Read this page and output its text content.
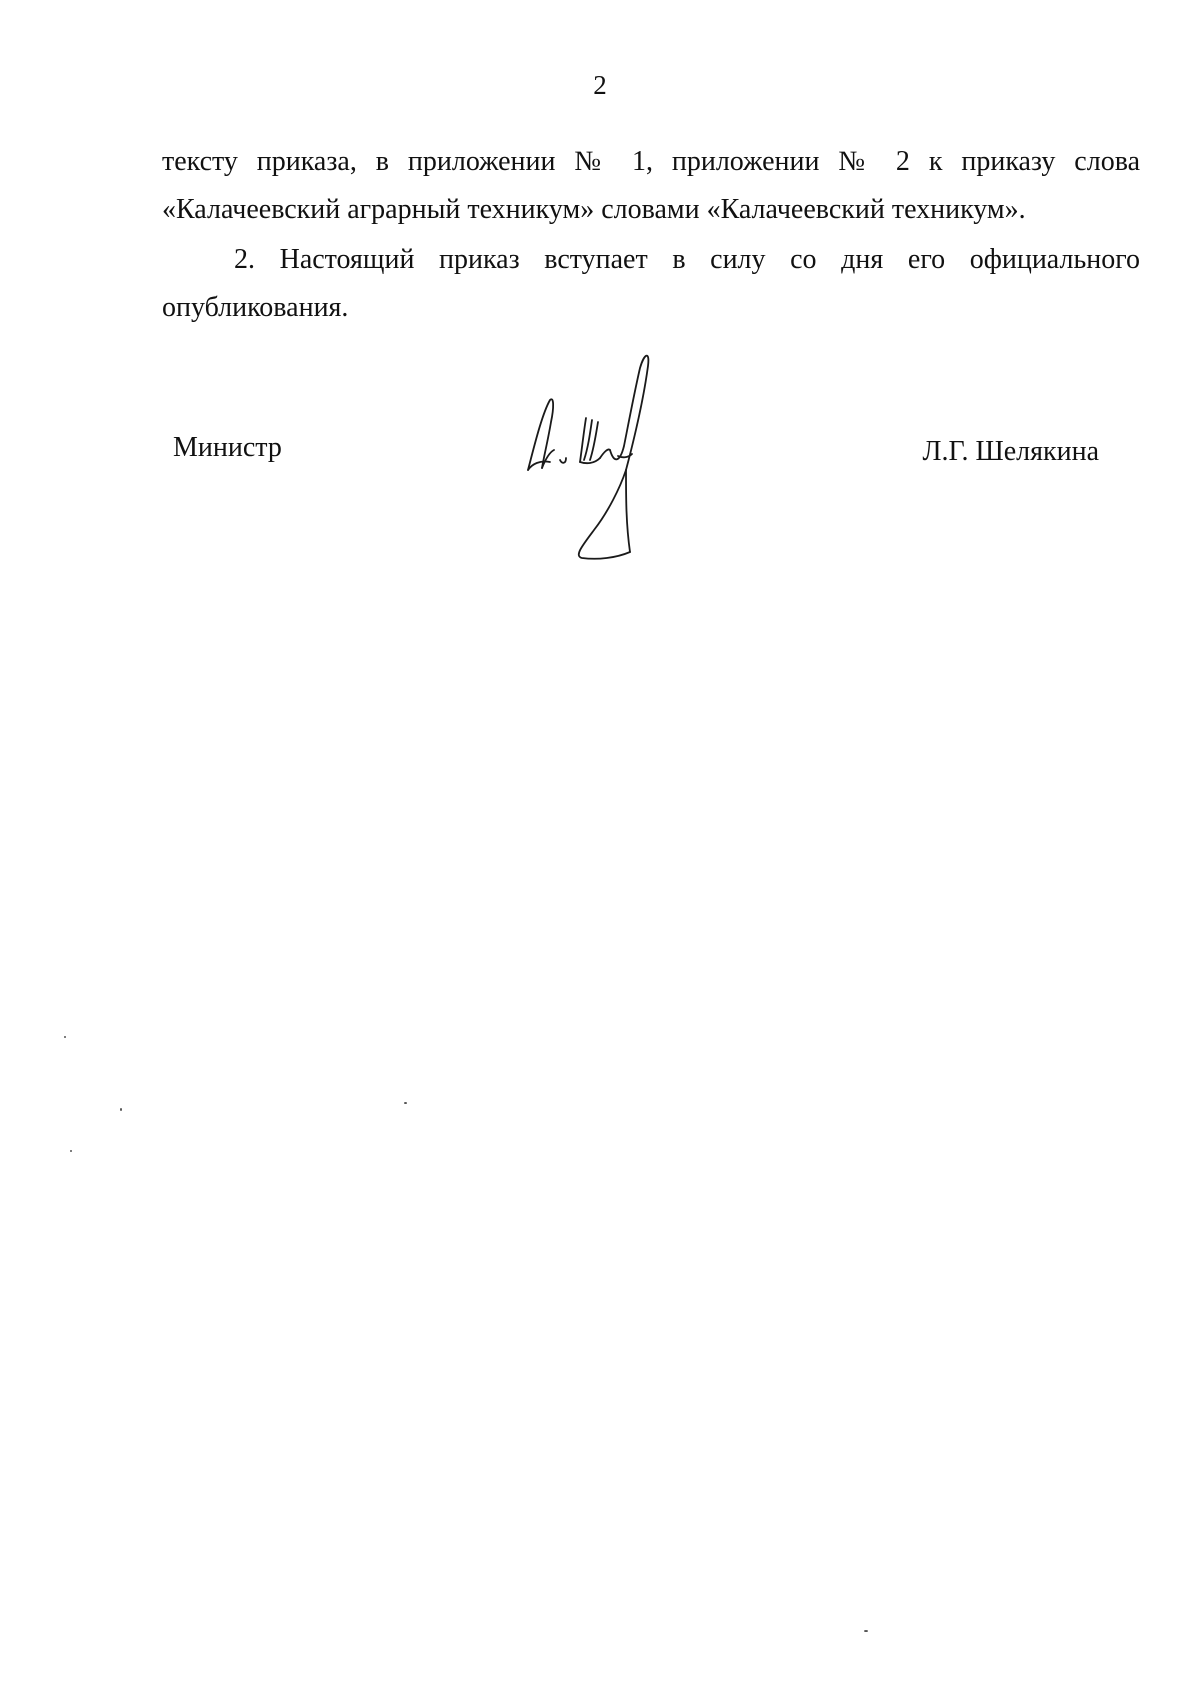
2
тексту приказа, в приложении № 1, приложении № 2 к приказу слова
«Калачеевский аграрный техникум» словами «Калачеевский техникум».
2. Настоящий приказ вступает в силу со дня его официального
опубликования.
Министр	Л.Г. Шелякина
